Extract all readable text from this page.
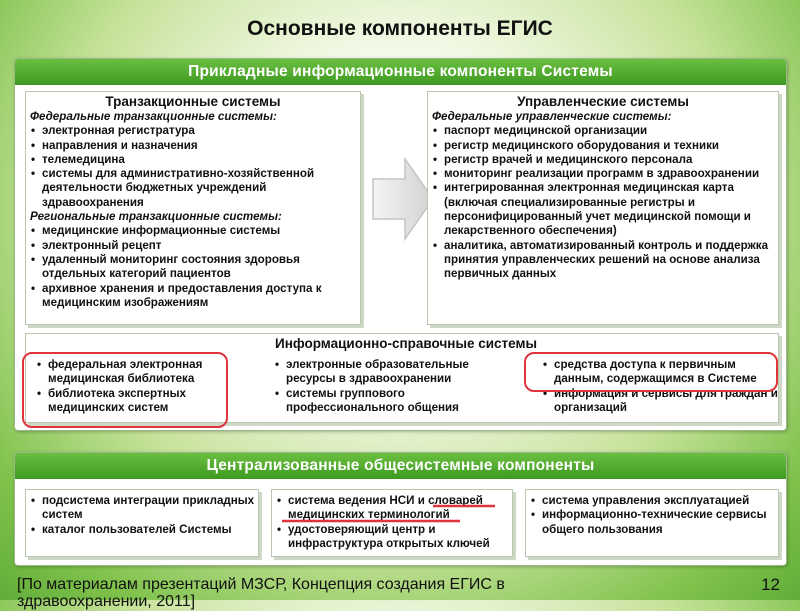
Основные компоненты ЕГИС
Прикладные информационные компоненты Системы
Транзакционные системы
Федеральные транзакционные системы:
• электронная регистратура
• направления и назначения
• телемедицина
• системы для административно-хозяйственной деятельности бюджетных учреждений здравоохранения
Региональные транзакционные системы:
• медицинские информационные системы
• электронный рецепт
• удаленный мониторинг состояния здоровья отдельных категорий пациентов
• архивное хранения и предоставления доступа к медицинским изображениям
Управленческие системы
Федеральные управленческие системы:
• паспорт медицинской организации
• регистр медицинского оборудования и техники
• регистр врачей и медицинского персонала
• мониторинг реализации программ в здравоохранении
• интегрированная электронная медицинская карта (включая специализированные регистры и персонифицированный учет медицинской помощи и лекарственного обеспечения)
• аналитика, автоматизированный контроль и поддержка принятия управленческих решений на основе анализа первичных данных
Информационно-справочные системы
• федеральная электронная медицинская библиотека
• библиотека экспертных медицинских систем
• электронные образовательные ресурсы в здравоохранении
• системы группового профессионального общения
• средства доступа к первичным данным, содержащимся в Системе
• информация и сервисы для граждан и организаций
Централизованные общесистемные компоненты
• подсистема интеграции прикладных систем
• каталог пользователей Системы
• система ведения НСИ и словарей медицинских терминологий
• удостоверяющий центр и инфраструктура открытых ключей
• система управления эксплуатацией
• информационно-технические сервисы общего пользования
[По материалам презентаций МЗСР, Концепция создания ЕГИС в
здравоохранении, 2011]
12
